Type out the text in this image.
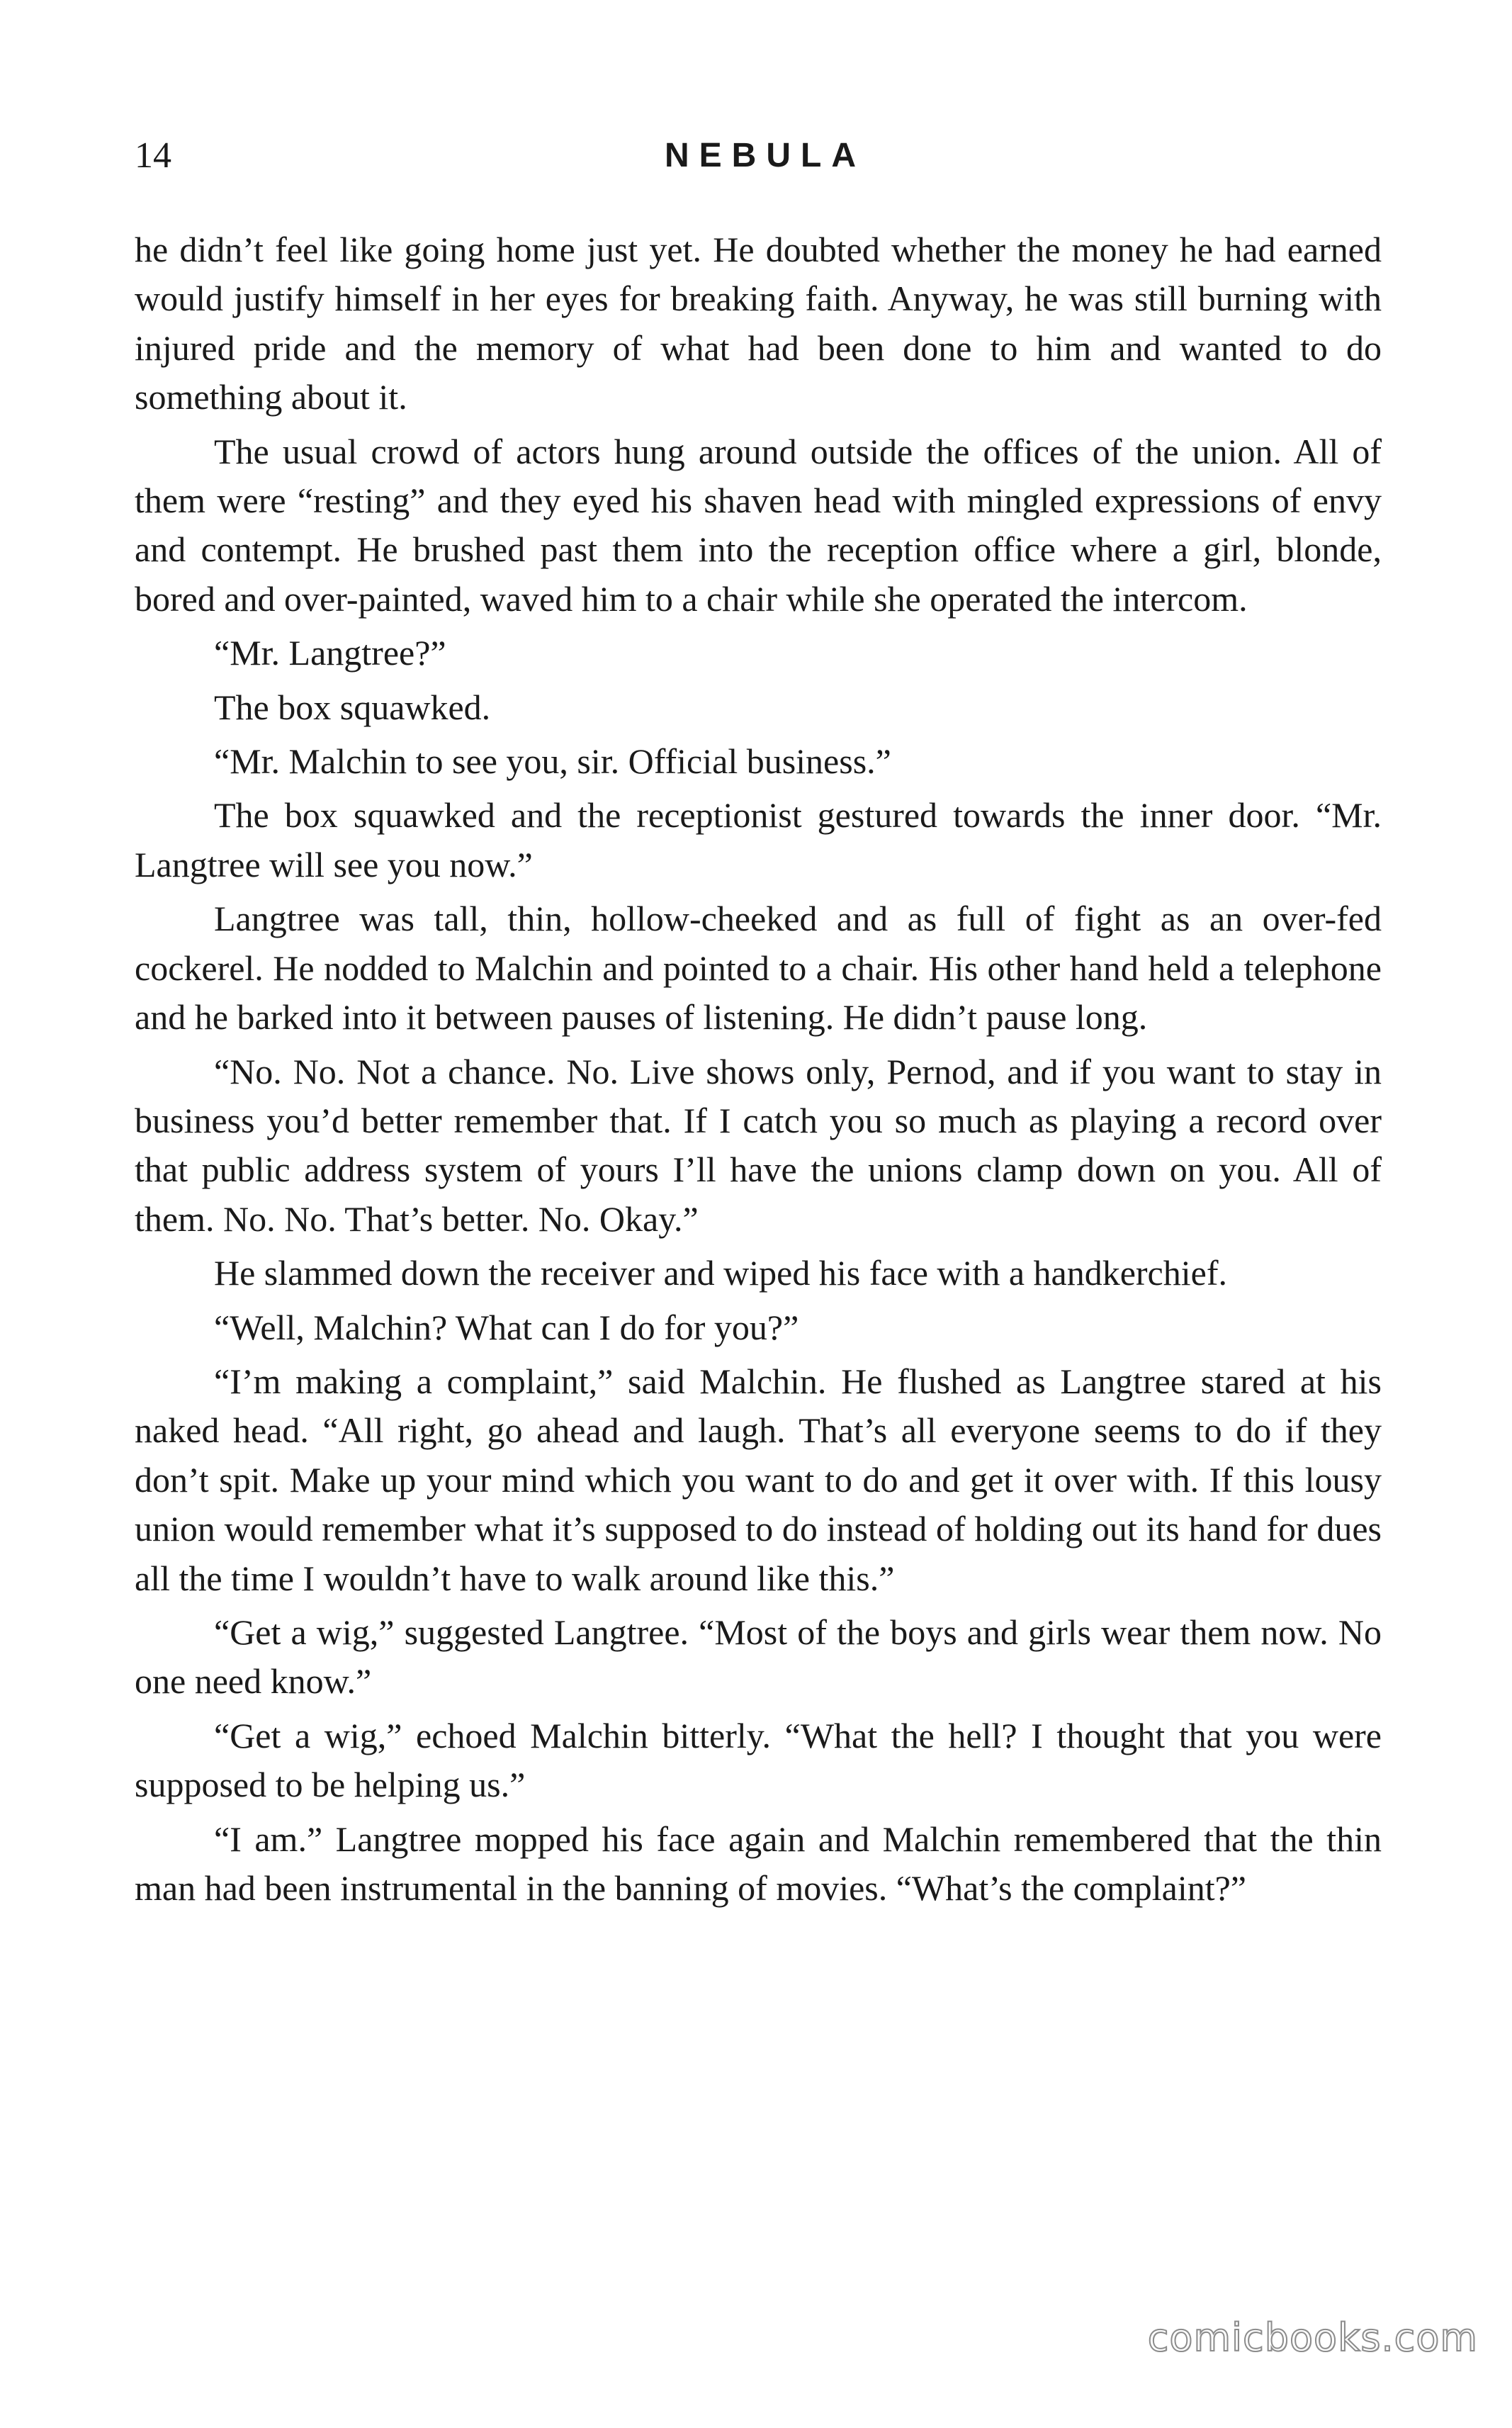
14	NEBULA

he didn’t feel like going home just yet. He doubted whether the money he had earned would justify himself in her eyes for breaking faith. Anyway, he was still burning with injured pride and the memory of what had been done to him and wanted to do something about it.

The usual crowd of actors hung around outside the offices of the union. All of them were “resting” and they eyed his shaven head with mingled expressions of envy and contempt. He brushed past them into the reception office where a girl, blonde, bored and over-painted, waved him to a chair while she operated the intercom.

“Mr. Langtree?”

The box squawked.

“Mr. Malchin to see you, sir. Official business.”

The box squawked and the receptionist gestured towards the inner door. “Mr. Langtree will see you now.”

Langtree was tall, thin, hollow-cheeked and as full of fight as an over-fed cockerel. He nodded to Malchin and pointed to a chair. His other hand held a telephone and he barked into it between pauses of listening. He didn’t pause long.

“No. No. Not a chance. No. Live shows only, Pernod, and if you want to stay in business you’d better remember that. If I catch you so much as playing a record over that public address system of yours I’ll have the unions clamp down on you. All of them. No. No. That’s better. No. Okay.”

He slammed down the receiver and wiped his face with a handkerchief.

“Well, Malchin? What can I do for you?”

“I’m making a complaint,” said Malchin. He flushed as Langtree stared at his naked head. “All right, go ahead and laugh. That’s all everyone seems to do if they don’t spit. Make up your mind which you want to do and get it over with. If this lousy union would remember what it’s supposed to do instead of holding out its hand for dues all the time I wouldn’t have to walk around like this.”

“Get a wig,” suggested Langtree. “Most of the boys and girls wear them now. No one need know.”

“Get a wig,” echoed Malchin bitterly. “What the hell? I thought that you were supposed to be helping us.”

“I am.” Langtree mopped his face again and Malchin remembered that the thin man had been instrumental in the banning of movies. “What’s the complaint?”

comicbooks.com
